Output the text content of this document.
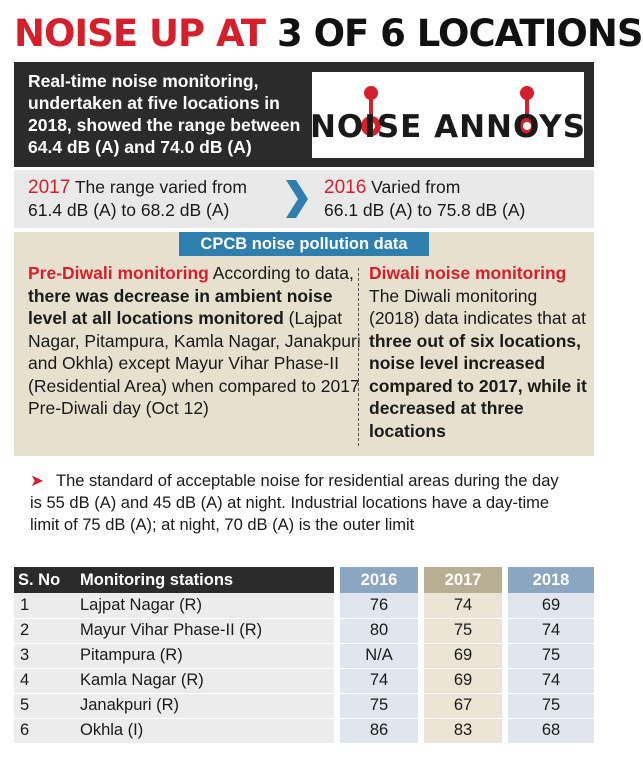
NOISE UP AT 3 OF 6 LOCATIONS
Real-time noise monitoring, undertaken at five locations in 2018, showed the range between 64.4 dB (A) and 74.0 dB (A)
NOISE ANNOYS
2017 The range varied from
61.4 dB (A) to 68.2 dB (A)
2016 Varied from
66.1 dB (A) to 75.8 dB (A)
CPCB noise pollution data
Pre-Diwali monitoring According to data, there was decrease in ambient noise level at all locations monitored (Lajpat Nagar, Pitampura, Kamla Nagar, Janakpuri and Okhla) except Mayur Vihar Phase-II (Residential Area) when compared to 2017 Pre-Diwali day (Oct 12)
Diwali noise monitoring The Diwali monitoring (2018) data indicates that at three out of six locations, noise level increased compared to 2017, while it decreased at three locations
➤ The standard of acceptable noise for residential areas during the day is 55 dB (A) and 45 dB (A) at night. Industrial locations have a day-time limit of 75 dB (A); at night, 70 dB (A) is the outer limit
S. No	Monitoring stations		2016		2017		2018
1	Lajpat Nagar (R)		76		74		69
2	Mayur Vihar Phase-II (R)		80		75		74
3	Pitampura (R)		N/A		69		75
4	Kamla Nagar (R)		74		69		74
5	Janakpuri (R)		75		67		75
6	Okhla (I)		86		83		68
